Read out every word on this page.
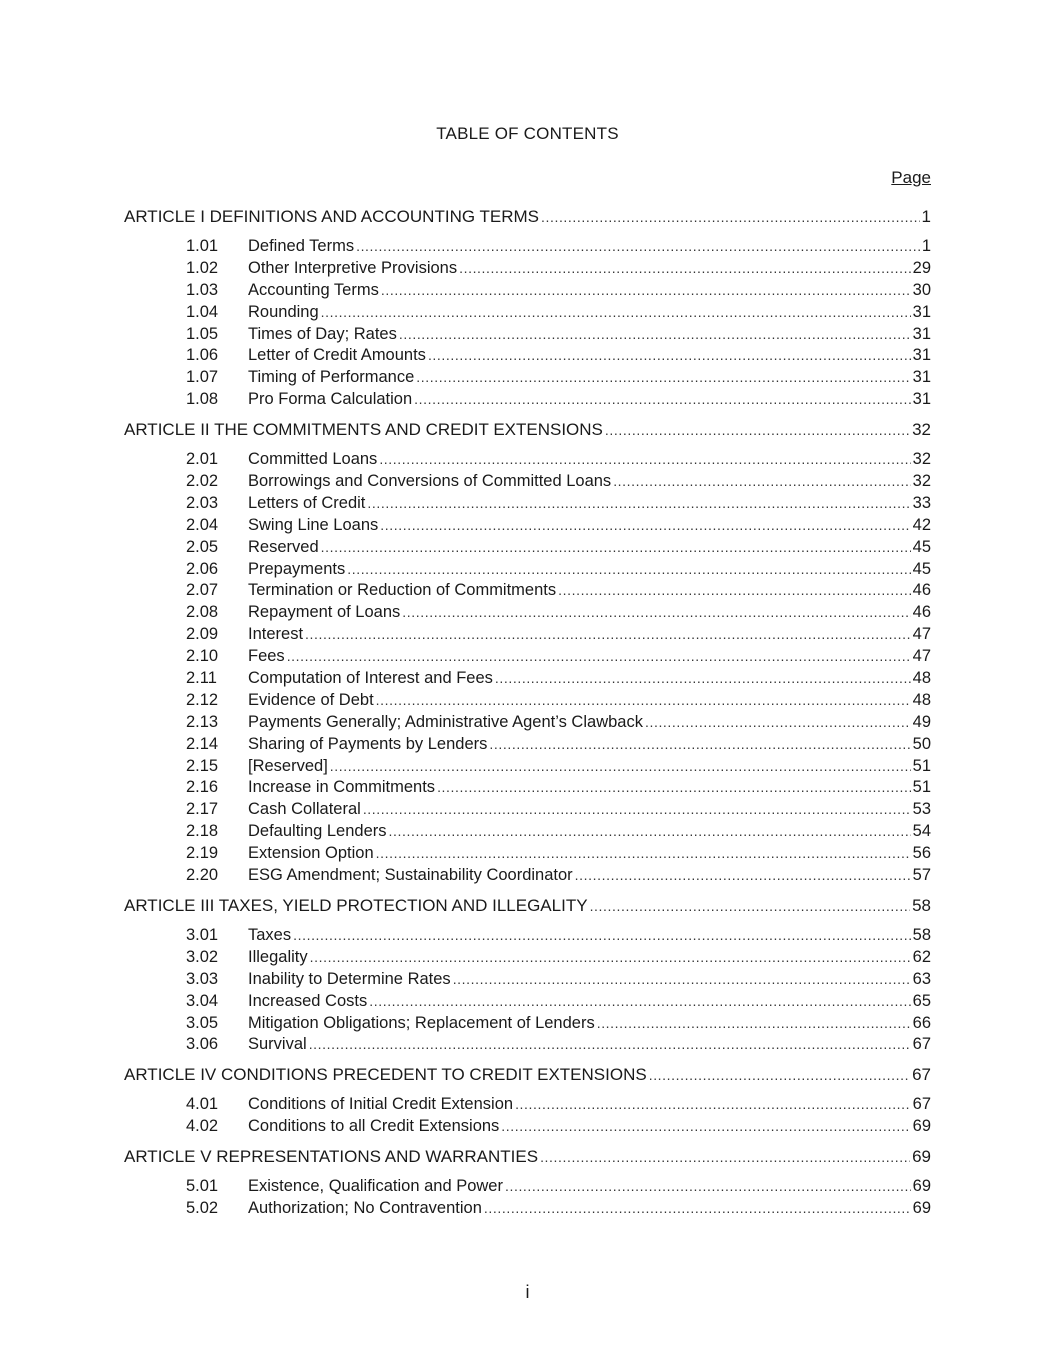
TABLE OF CONTENTS
Page
ARTICLE I DEFINITIONS AND ACCOUNTING TERMS .....	1
1.01	Defined Terms .....	1
1.02	Other Interpretive Provisions .....	29
1.03	Accounting Terms .....	30
1.04	Rounding .....	31
1.05	Times of Day; Rates .....	31
1.06	Letter of Credit Amounts .....	31
1.07	Timing of Performance .....	31
1.08	Pro Forma Calculation .....	31
ARTICLE II THE COMMITMENTS AND CREDIT EXTENSIONS .....	32
2.01	Committed Loans .....	32
2.02	Borrowings and Conversions of Committed Loans .....	32
2.03	Letters of Credit .....	33
2.04	Swing Line Loans .....	42
2.05	Reserved .....	45
2.06	Prepayments .....	45
2.07	Termination or Reduction of Commitments .....	46
2.08	Repayment of Loans .....	46
2.09	Interest .....	47
2.10	Fees .....	47
2.11	Computation of Interest and Fees .....	48
2.12	Evidence of Debt .....	48
2.13	Payments Generally; Administrative Agent’s Clawback .....	49
2.14	Sharing of Payments by Lenders .....	50
2.15	[Reserved] .....	51
2.16	Increase in Commitments .....	51
2.17	Cash Collateral .....	53
2.18	Defaulting Lenders .....	54
2.19	Extension Option .....	56
2.20	ESG Amendment; Sustainability Coordinator .....	57
ARTICLE III TAXES, YIELD PROTECTION AND ILLEGALITY .....	58
3.01	Taxes .....	58
3.02	Illegality .....	62
3.03	Inability to Determine Rates .....	63
3.04	Increased Costs .....	65
3.05	Mitigation Obligations; Replacement of Lenders .....	66
3.06	Survival .....	67
ARTICLE IV CONDITIONS PRECEDENT TO CREDIT EXTENSIONS .....	67
4.01	Conditions of Initial Credit Extension .....	67
4.02	Conditions to all Credit Extensions .....	69
ARTICLE V REPRESENTATIONS AND WARRANTIES .....	69
5.01	Existence, Qualification and Power .....	69
5.02	Authorization; No Contravention .....	69
i
